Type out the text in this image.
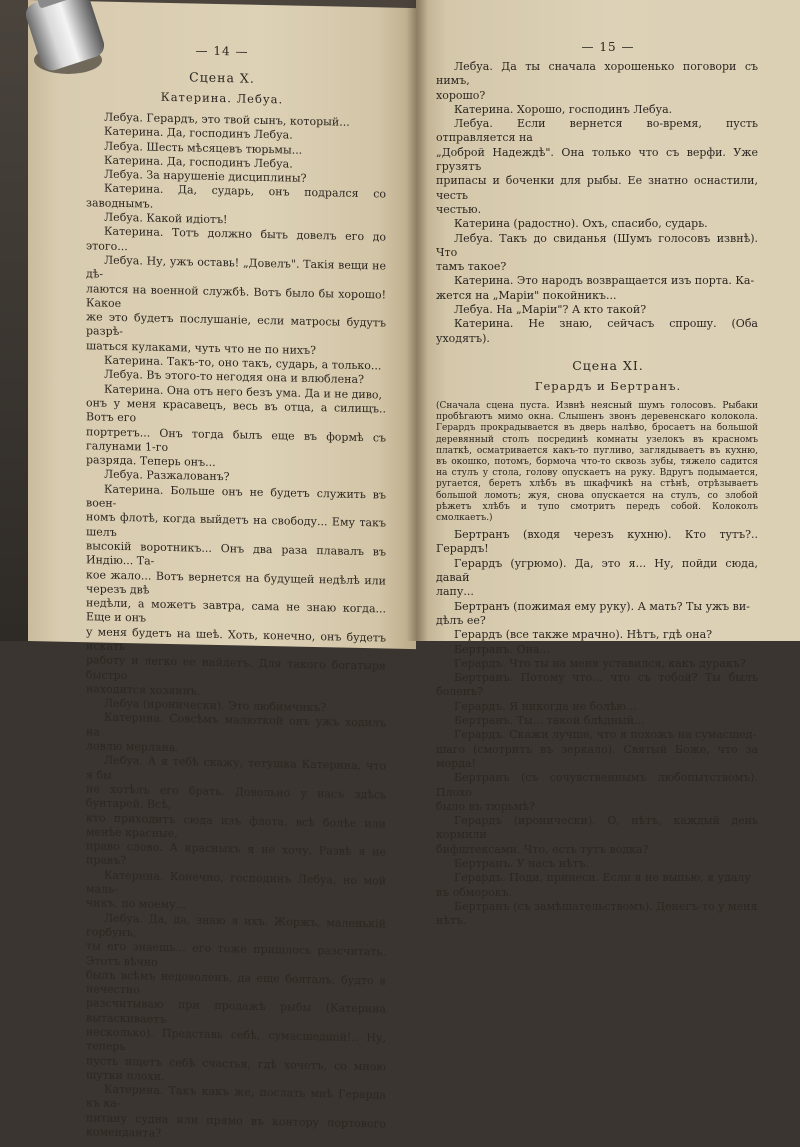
— 14 —
Сцена X.
Катерина. Лебуа.

Лебуа. Герардъ, это твой сынъ, который...

Катерина. Да, господинъ Лебуа.

Лебуа. Шесть мѣсяцевъ тюрьмы...

Катерина. Да, господинъ Лебуа.

Лебуа. За нарушеніе дисциплины?

Катерина. Да, сударь, онъ подрался со заводнымъ.

Лебуа. Какой идіотъ!

Катерина. Тотъ должно быть довелъ его до этого...

Лебуа. Ну, ужъ оставь! „Довелъ". Такія вещи не дѣ-

лаются на военной службѣ. Вотъ было бы хорошо! Какое

же это будетъ послушаніе, если матросы будутъ разрѣ-

шаться кулаками, чуть что не по нихъ?

Катерина. Такъ-то, оно такъ, сударь, а только...

Лебуа. Въ этого-то негодяя она и влюблена?

Катерина. Она отъ него безъ ума. Да и не диво,

онъ у меня красавецъ, весь въ отца, а силищъ.. Вотъ его

портретъ... Онъ тогда былъ еще въ формѣ съ галунами 1-го

разряда. Теперь онъ...

Лебуа. Разжалованъ?

Катерина. Больше онъ не будетъ служить въ воен-

номъ флотѣ, когда выйдетъ на свободу... Ему такъ шелъ

высокій воротникъ... Онъ два раза плавалъ въ Индію... Та-

кое жало... Вотъ вернется на будущей недѣлѣ или черезъ двѣ

недѣли, а можетъ завтра, сама не знаю когда... Еще и онъ

у меня будетъ на шеѣ. Хоть, конечно, онъ будетъ искать

работу и легко ее найдетъ. Для такого богатыря быстро

находится хозяинъ.

Лебуа (иронически). Это любимчикъ?

Катерина. Совсѣмъ малюткой онъ ужъ ходилъ на

ловлю мерлана.

Лебуа. А я тебѣ скажу, тетушка Катерина, что я бы

не хотѣлъ его брать. Довольно у насъ здѣсь бунтарей. Всѣ,

кто приходитъ сюда изъ флота, всѣ болѣе или менѣе красные,

право слово. А красныхъ я не хочу. Развѣ я не правъ?

Катерина. Конечно, господинъ Лебуа, но мой маль-

чикъ, по моему...

Лебуа. Да, да, знаю я ихъ. Жоржъ, маленькій горбунъ,

ты его знаешь... его тоже пришлось разсчитать. Этотъ вѣчно

былъ всѣмъ недоволенъ, да еще болталъ, будто я нечестно

разсчитываю при продажѣ рыбы (Катерина вытаскиваетъ

несколько). Представь себѣ, сумасшедшій!.. Ну, теперь

пусть ищетъ себѣ счастья, гдѣ хочетъ, со мною шутки плохи.

Катерина. Такъ какъ же, послать мнѣ Герарда къ ка-

питану судна или прямо въ контору портового коменданта?

— 15 —

Лебуа. Да ты сначала хорошенько поговори съ нимъ,

хорошо?

Катерина. Хорошо, господинъ Лебуа.

Лебуа. Если вернется во-время, пусть отправляется на

„Доброй Надеждѣ". Она только что съ верфи. Уже грузятъ

припасы и боченки для рыбы. Ее знатно оснастили, честь

честью.

Катерина (радостно). Охъ, спасибо, сударь.

Лебуа. Такъ до свиданья (Шумъ голосовъ извнѣ). Что

тамъ такое?

Катерина. Это народъ возвращается изъ порта. Ка-

жется на „Маріи" покойникъ...

Лебуа. На „Маріи"? А кто такой?

Катерина. Не знаю, сейчасъ спрошу. (Оба уходятъ).

Сцена XI.
Герардъ и Бертранъ.
(Сначала сцена пуста. Извнѣ неясный шумъ голосовъ. Рыбаки пробѣгаютъ мимо окна. Слышенъ звонъ деревенскаго колокола. Герардъ прокрадывается въ дверь налѣво, бросаетъ на большой деревянный столъ посрединѣ комнаты узелокъ въ красномъ платкѣ, осматривается какъ-то пугливо, заглядываетъ въ кухню, въ окошко, потомъ, бормоча что-то сквозь зубы, тяжело садится на стулъ у стола, голову опускаетъ на руку. Вдругъ подымается, ругается, беретъ хлѣбъ въ шкафчикѣ на стѣнѣ, отрѣзываетъ большой ломоть; жуя, снова опускается на стулъ, со злобой рѣжетъ хлѣбъ и тупо смотритъ передъ собой. Колоколъ смолкаетъ.)

Бертранъ (входя черезъ кухню). Кто тутъ?.. Герардъ!

Герардъ (угрюмо). Да, это я... Ну, пойди сюда, давай

лапу...

Бертранъ (пожимая ему руку). А мать? Ты ужъ ви-

дѣлъ ее?

Герардъ (все также мрачно). Нѣтъ, гдѣ она?

Бертранъ. Она...

Герардъ. Что ты на меня уставился, какъ дуракъ?

Бертранъ. Потому что... что съ тобой? Ты былъ боленъ?

Герардъ. Я никогда не болѣю...

Бертранъ. Ты... такой блѣдный...

Герардъ. Скажи лучше, что я похожъ на сумасшед-

шаго (смотритъ въ зеркало). Святый Боже, что за морда!

Бертранъ (съ сочувственнымъ любопытствомъ). Плохо

было въ тюрьмѣ?

Герардъ (иронически). О, нѣтъ, каждый день кормили

бифштексами. Что, есть тутъ водка?

Бертранъ. У насъ нѣтъ.

Герардъ. Поди, принеси. Если я не выпью, я удалу

въ обморокъ.

Бертранъ (съ замѣшательствомъ). Денегъ-то у меня

нѣтъ.
